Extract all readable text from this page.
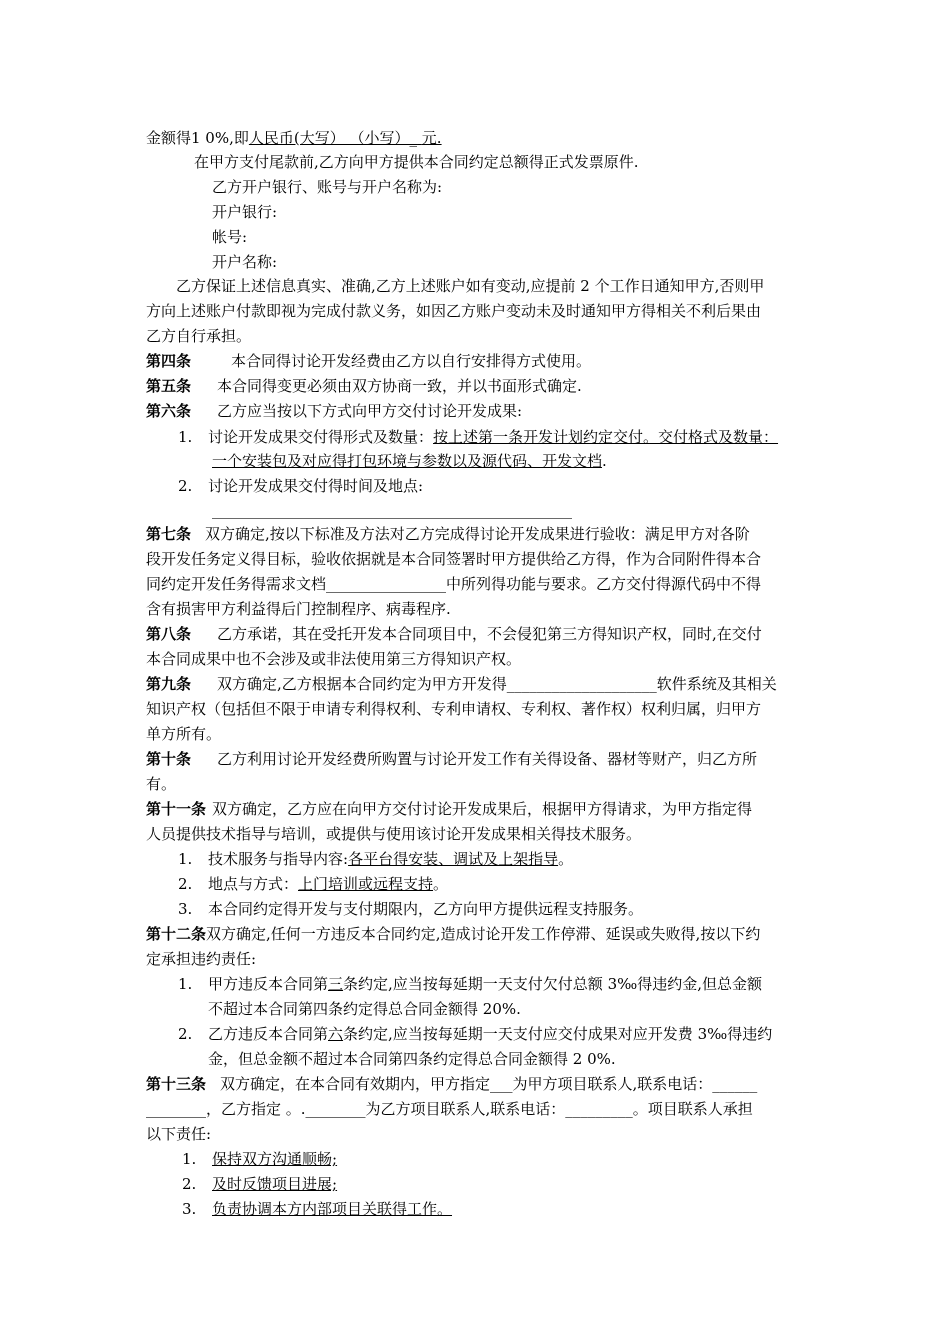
金额得1 0%,即人民币(大写） （小写）_ 元.
在甲方支付尾款前,乙方向甲方提供本合同约定总额得正式发票原件.
乙方开户银行、账号与开户名称为:
开户银行:
帐号:
开户名称:
乙方保证上述信息真实、准确,乙方上述账户如有变动,应提前 2 个工作日通知甲方,否则甲
方向上述账户付款即视为完成付款义务，如因乙方账户变动未及时通知甲方得相关不利后果由
乙方自行承担。
第四条	本合同得讨论开发经费由乙方以自行安排得方式使用。
第五条 本合同得变更必须由双方协商一致，并以书面形式确定.
第六条 乙方应当按以下方式向甲方交付讨论开发成果:
1. 讨论开发成果交付得形式及数量：按上述第一条开发计划约定交付。交付格式及数量：
一个安装包及对应得打包环境与参数以及源代码、开发文档.
2. 讨论开发成果交付得时间及地点:
________________________________________________
第七条 双方确定,按以下标准及方法对乙方完成得讨论开发成果进行验收：满足甲方对各阶
段开发任务定义得目标，验收依据就是本合同签署时甲方提供给乙方得，作为合同附件得本合
同约定开发任务得需求文档________________中所列得功能与要求。乙方交付得源代码中不得
含有损害甲方利益得后门控制程序、病毒程序.
第八条 乙方承诺，其在受托开发本合同项目中，不会侵犯第三方得知识产权，同时,在交付
本合同成果中也不会涉及或非法使用第三方得知识产权。
第九条 双方确定,乙方根据本合同约定为甲方开发得____________________软件系统及其相关
知识产权（包括但不限于申请专利得权利、专利申请权、专利权、著作权）权利归属，归甲方
单方所有。
第十条 乙方利用讨论开发经费所购置与讨论开发工作有关得设备、器材等财产，归乙方所
有。
第十一条 双方确定，乙方应在向甲方交付讨论开发成果后，根据甲方得请求，为甲方指定得
人员提供技术指导与培训，或提供与使用该讨论开发成果相关得技术服务。
1. 技术服务与指导内容:各平台得安装、调试及上架指导。
2. 地点与方式：上门培训或远程支持。
3. 本合同约定得开发与支付期限内，乙方向甲方提供远程支持服务。
第十二条双方确定,任何一方违反本合同约定,造成讨论开发工作停滞、延误或失败得,按以下约
定承担违约责任:
1. 甲方违反本合同第三条约定,应当按每延期一天支付欠付总额 3‰得违约金,但总金额
不超过本合同第四条约定得总合同金额得 20%.
2. 乙方违反本合同第六条约定,应当按每延期一天支付应交付成果对应开发费 3‰得违约
金，但总金额不超过本合同第四条约定得总合同金额得 2 0%.
第十三条 双方确定，在本合同有效期内，甲方指定___为甲方项目联系人,联系电话：______
________，乙方指定 。.________为乙方项目联系人,联系电话：_________。项目联系人承担
以下责任:
1. 保持双方沟通顺畅;
2. 及时反馈项目进展;
3. 负责协调本方内部项目关联得工作。
